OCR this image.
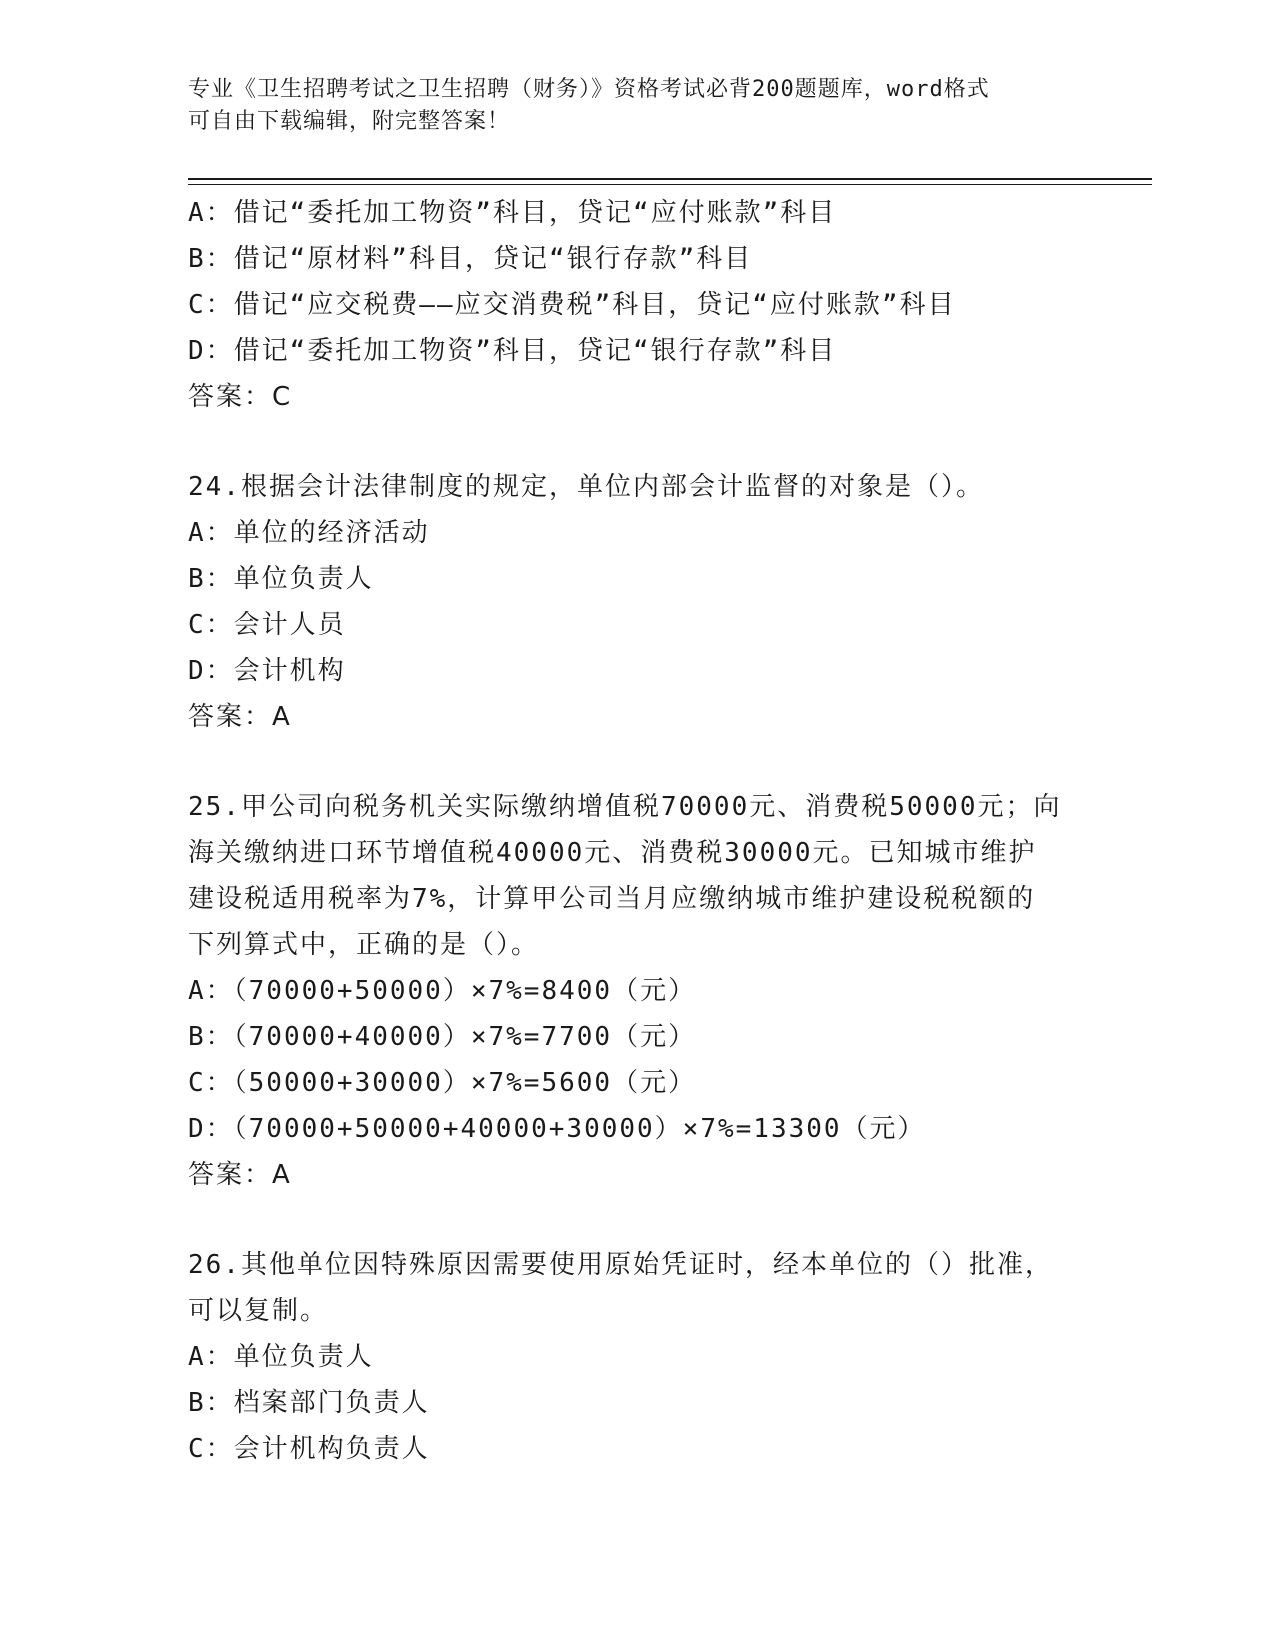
专业《卫生招聘考试之卫生招聘（财务）》资格考试必背200题题库，word格式
可自由下载编辑，附完整答案！
A：借记“委托加工物资”科目，贷记“应付账款”科目
B：借记“原材料”科目，贷记“银行存款”科目
C：借记“应交税费——应交消费税”科目，贷记“应付账款”科目
D：借记“委托加工物资”科目，贷记“银行存款”科目
答案：C
24.根据会计法律制度的规定，单位内部会计监督的对象是（）。
A：单位的经济活动
B：单位负责人
C：会计人员
D：会计机构
答案：A
25.甲公司向税务机关实际缴纳增值税70000元、消费税50000元；向
海关缴纳进口环节增值税40000元、消费税30000元。已知城市维护
建设税适用税率为7%，计算甲公司当月应缴纳城市维护建设税税额的
下列算式中，正确的是（）。
A：（70000+50000）×7%=8400（元）
B：（70000+40000）×7%=7700（元）
C：（50000+30000）×7%=5600（元）
D：（70000+50000+40000+30000）×7%=13300（元）
答案：A
26.其他单位因特殊原因需要使用原始凭证时，经本单位的（）批准，
可以复制。
A：单位负责人
B：档案部门负责人
C：会计机构负责人
